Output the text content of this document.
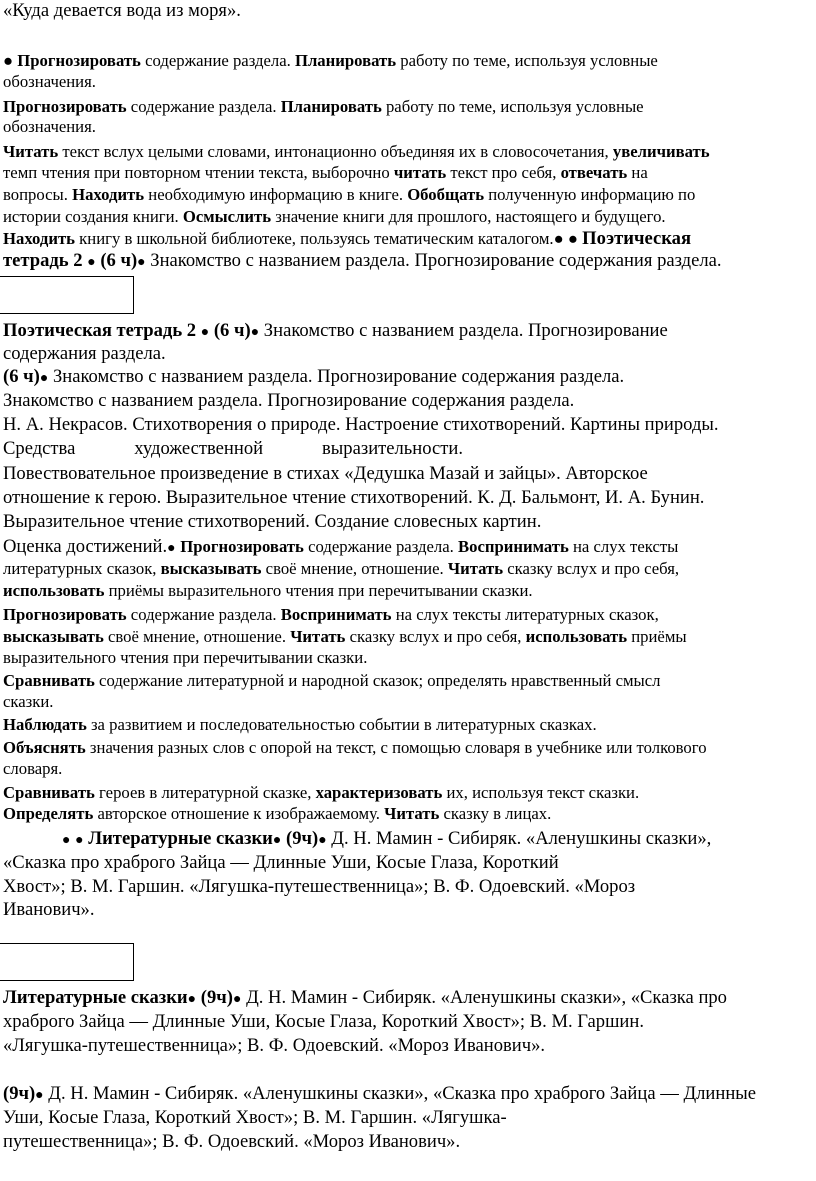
«Куда девается вода из моря».
● Прогнозировать содержание раздела. Планировать работу по теме, используя условные
обозначения.
Прогнозировать содержание раздела. Планировать работу по теме, используя условные
обозначения.
Читать текст вслух целыми словами, интонационно объединяя их в словосочетания, увеличивать
темп чтения при повторном чтении текста, выборочно читать текст про себя, отвечать на
вопросы. Находить необходимую информацию в книге. Обобщать полученную информацию по
истории создания книги. Осмыслить значение книги для прошлого, настоящего и будущего.
Находить книгу в школьной библиотеке, пользуясь тематическим каталогом.● ● Поэтическая
тетрадь 2 ● (6 ч)● Знакомство с названием раздела. Прогнозирование содержания раздела.
Поэтическая тетрадь 2 ● (6 ч)● Знакомство с названием раздела. Прогнозирование
содержания раздела.
(6 ч)● Знакомство с названием раздела. Прогнозирование содержания раздела.
Знакомство с названием раздела. Прогнозирование содержания раздела.
Н. А. Некрасов. Стихотворения о природе. Настроение стихотворений. Картины природы.
Средства	художественной	выразительности.
Повествовательное произведение в стихах «Дедушка Мазай и зайцы». Авторское
отношение к герою. Выразительное чтение стихотворений. К. Д. Бальмонт, И. А. Бунин.
Выразительное чтение стихотворений. Создание словесных картин.
Оценка достижений.● Прогнозировать содержание раздела. Воспринимать на слух тексты
литературных сказок, высказывать своё мнение, отношение. Читать сказку вслух и про себя,
использовать приёмы выразительного чтения при перечитывании сказки.
Прогнозировать содержание раздела. Воспринимать на слух тексты литературных сказок,
высказывать своё мнение, отношение. Читать сказку вслух и про себя, использовать приёмы
выразительного чтения при перечитывании сказки.
Сравнивать содержание литературной и народной сказок; определять нравственный смысл
сказки.
Наблюдать за развитием и последовательностью событии в литературных сказках.
Объяснять значения разных слов с опорой на текст, с помощью словаря в учебнике или толкового
словаря.
Сравнивать героев в литературной сказке, характеризовать их, используя текст сказки.
Определять авторское отношение к изображаемому. Читать сказку в лицах.
● ● Литературные сказки● (9ч)● Д. Н. Мамин - Сибиряк. «Аленушкины сказки»,
«Сказка про храброго Зайца — Длинные Уши, Косые Глаза, Короткий
Хвост»; В. М. Гаршин. «Лягушка-путешественница»; В. Ф. Одоевский. «Мороз
Иванович».
Литературные сказки● (9ч)● Д. Н. Мамин - Сибиряк. «Аленушкины сказки», «Сказка про
храброго Зайца — Длинные Уши, Косые Глаза, Короткий Хвост»; В. М. Гаршин.
«Лягушка-путешественница»; В. Ф. Одоевский. «Мороз Иванович».
(9ч)● Д. Н. Мамин - Сибиряк. «Аленушкины сказки», «Сказка про храброго Зайца — Длинные
Уши, Косые Глаза, Короткий Хвост»; В. М. Гаршин. «Лягушка-
путешественница»; В. Ф. Одоевский. «Мороз Иванович».
